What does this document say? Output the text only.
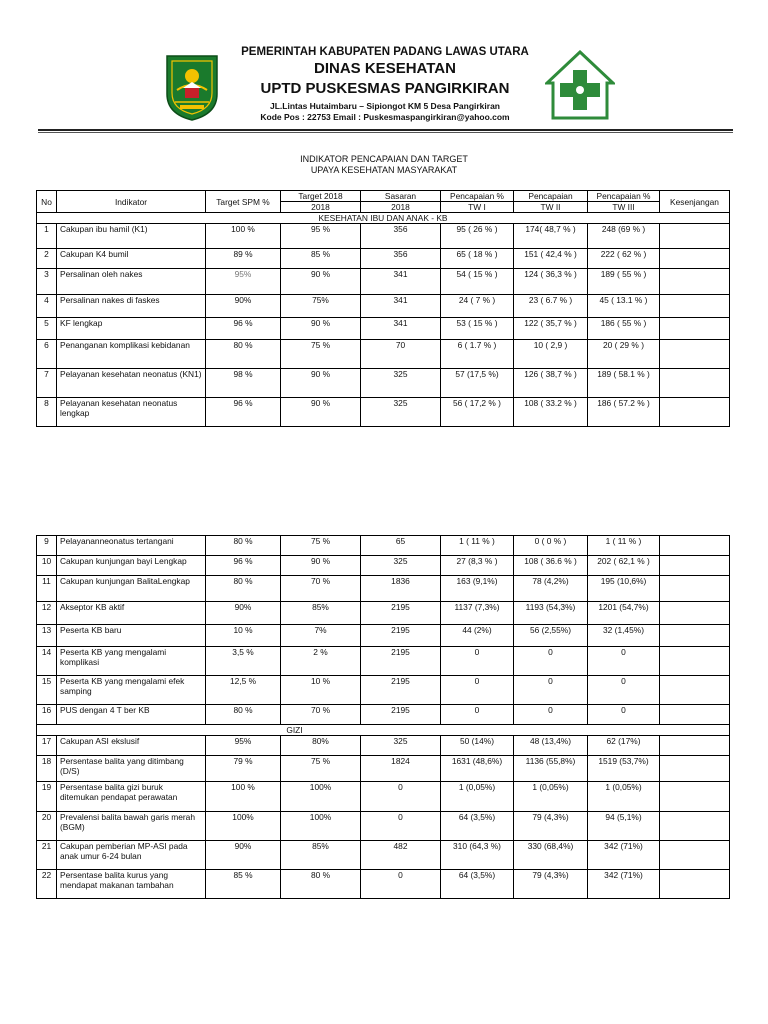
PEMERINTAH KABUPATEN PADANG LAWAS UTARA
DINAS KESEHATAN
UPTD PUSKESMAS PANGIRKIRAN
JL.Lintas Hutaimbaru – Sipiongot KM 5 Desa Pangirkiran
Kode Pos : 22753 Email : Puskesmaspangirkiran@yahoo.com
INDIKATOR PENCAPAIAN DAN TARGET
UPAYA KESEHATAN MASYARAKAT
No	Indikator	Target SPM %	Target 2018	Sasaran	Pencapaian %	Pencapaian	Pencapaian %	Kesenjangan
			2018	2018	TW I	TW II	TW III	
KESEHATAN IBU DAN ANAK - KB								
1	Cakupan ibu hamil (K1)	100 %	95 %	356	95 ( 26 % )	174( 48,7 % )	248 (69 % )	
2	Cakupan K4 bumil	89 %	85 %	356	65 ( 18 % )	151 ( 42,4 % )	222 ( 62 % )	
3	Persalinan oleh nakes	95%	90 %	341	54 ( 15 % )	124 ( 36,3 % )	189 ( 55 % )	
4	Persalinan nakes di faskes	90%	75%	341	24 ( 7 % )	23 ( 6.7 % )	45 ( 13.1 % )	
5	KF lengkap	96 %	90 %	341	53 ( 15 % )	122 ( 35,7 % )	186 ( 55 % )	
6	Penanganan komplikasi kebidanan	80 %	75 %	70	6 ( 1.7 % )	10 ( 2,9 )	20 ( 29 % )	
7	Pelayanan kesehatan neonatus (KN1)	98 %	90 %	325	57 (17,5 %)	126 ( 38,7 % )	189 ( 58.1 % )	
8	Pelayanan kesehatan neonatus lengkap	96 %	90 %	325	56 ( 17,2 % )	108 ( 33.2 % )	186 ( 57.2 % )	
9	Pelayananneonatus tertangani	80 %	75 %	65	1 ( 11 % )	0 ( 0 % )	1 ( 11 % )	
10	Cakupan kunjungan bayi Lengkap	96 %	90 %	325	27 (8,3 % )	108 ( 36.6 % )	202 ( 62,1 % )	
11	Cakupan kunjungan BalitaLengkap	80 %	70 %	1836	163 (9,1%)	78 (4,2%)	195 (10,6%)	
12	Akseptor KB aktif	90%	85%	2195	1137 (7,3%)	1193 (54,3%)	1201 (54,7%)	
13	Peserta KB baru	10 %	7%	2195	44 (2%)	56 (2,55%)	32 (1,45%)	
14	Peserta KB yang mengalami komplikasi	3,5 %	2 %	2195	0	0	0	
15	Peserta KB yang mengalami efek samping	12,5 %	10 %	2195	0	0	0	
16	PUS dengan 4 T ber KB	80 %	70 %	2195	0	0	0	
GIZI								
17	Cakupan ASI ekslusif	95%	80%	325	50 (14%)	48 (13,4%)	62 (17%)	
18	Persentase balita yang ditimbang (D/S)	79 %	75 %	1824	1631 (48,6%)	1136 (55,8%)	1519 (53,7%)	
19	Persentase balita gizi buruk ditemukan pendapat perawatan	100 %	100%	0	1 (0,05%)	1 (0,05%)	1 (0,05%)	
20	Prevalensi balita bawah garis merah (BGM)	100%	100%	0	64 (3,5%)	79 (4,3%)	94 (5,1%)	
21	Cakupan pemberian MP-ASI pada anak umur 6-24 bulan	90%	85%	482	310 (64,3 %)	330 (68,4%)	342 (71%)	
22	Persentase balita kurus yang mendapat makanan tambahan	85 %	80 %	0	64 (3,5%)	79 (4,3%)	342 (71%)	
